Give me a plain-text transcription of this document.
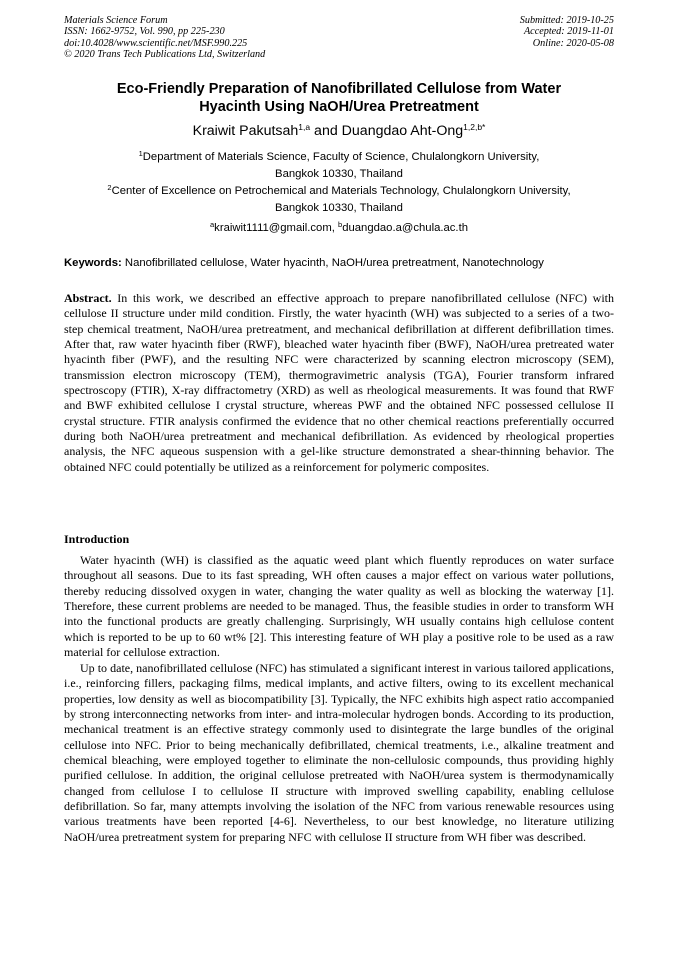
Materials Science Forum
ISSN: 1662-9752, Vol. 990, pp 225-230
doi:10.4028/www.scientific.net/MSF.990.225
© 2020 Trans Tech Publications Ltd, Switzerland
Submitted: 2019-10-25
Accepted: 2019-11-01
Online: 2020-05-08
Eco-Friendly Preparation of Nanofibrillated Cellulose from Water
Hyacinth Using NaOH/Urea Pretreatment
Kraiwit Pakutsah$^{1,a}$ and Duangdao Aht-Ong$^{1,2,b*}$
$^1$Department of Materials Science, Faculty of Science, Chulalongkorn University,
Bangkok 10330, Thailand
$^2$Center of Excellence on Petrochemical and Materials Technology, Chulalongkorn University,
Bangkok 10330, Thailand
$^a$kraiwit1111@gmail.com, $^b$duangdao.a@chula.ac.th
Keywords: Nanofibrillated cellulose, Water hyacinth, NaOH/urea pretreatment, Nanotechnology

Abstract. In this work, we described an effective approach to prepare nanofibrillated cellulose (NFC) with cellulose II structure under mild condition. Firstly, the water hyacinth (WH) was subjected to a series of a two-step chemical treatment, NaOH/urea pretreatment, and mechanical defibrillation at different defibrillation times. After that, raw water hyacinth fiber (RWF), bleached water hyacinth fiber (BWF), NaOH/urea pretreated water hyacinth fiber (PWF), and the resulting NFC were characterized by scanning electron microscopy (SEM), transmission electron microscopy (TEM), thermogravimetric analysis (TGA), Fourier transform infrared spectroscopy (FTIR), X-ray diffractometry (XRD) as well as rheological measurements. It was found that RWF and BWF exhibited cellulose I crystal structure, whereas PWF and the obtained NFC possessed cellulose II crystal structure. FTIR analysis confirmed the evidence that no other chemical reactions preferentially occurred during both NaOH/urea pretreatment and mechanical defibrillation. As evidenced by rheological properties analysis, the NFC aqueous suspension with a gel-like structure demonstrated a shear-thinning behavior. The obtained NFC could potentially be utilized as a reinforcement for polymeric composites.

Introduction

Water hyacinth (WH) is classified as the aquatic weed plant which fluently reproduces on water surface throughout all seasons. Due to its fast spreading, WH often causes a major effect on various water pollutions, thereby reducing dissolved oxygen in water, changing the water quality as well as blocking the waterway [1]. Therefore, these current problems are needed to be managed. Thus, the feasible studies in order to transform WH into the functional products are greatly challenging. Surprisingly, WH usually contains high cellulose content which is reported to be up to 60 wt% [2]. This interesting feature of WH play a positive role to be used as a raw material for cellulose extraction.

Up to date, nanofibrillated cellulose (NFC) has stimulated a significant interest in various tailored applications, i.e., reinforcing fillers, packaging films, medical implants, and active filters, owing to its excellent mechanical properties, low density as well as biocompatibility [3]. Typically, the NFC exhibits high aspect ratio accompanied by strong interconnecting networks from inter- and intra-molecular hydrogen bonds. According to its production, mechanical treatment is an effective strategy commonly used to disintegrate the large bundles of the original cellulose into NFC. Prior to being mechanically defibrillated, chemical treatments, i.e., alkaline treatment and chemical bleaching, were employed together to eliminate the non-cellulosic compounds, thus providing highly purified cellulose. In addition, the original cellulose pretreated with NaOH/urea system is thermodynamically changed from cellulose I to cellulose II structure with improved swelling capability, enabling cellulose defibrillation. So far, many attempts involving the isolation of the NFC from various renewable resources using various treatments have been reported [4-6]. Nevertheless, to our best knowledge, no literature utilizing NaOH/urea pretreatment system for preparing NFC with cellulose II structure from WH fiber was described.
